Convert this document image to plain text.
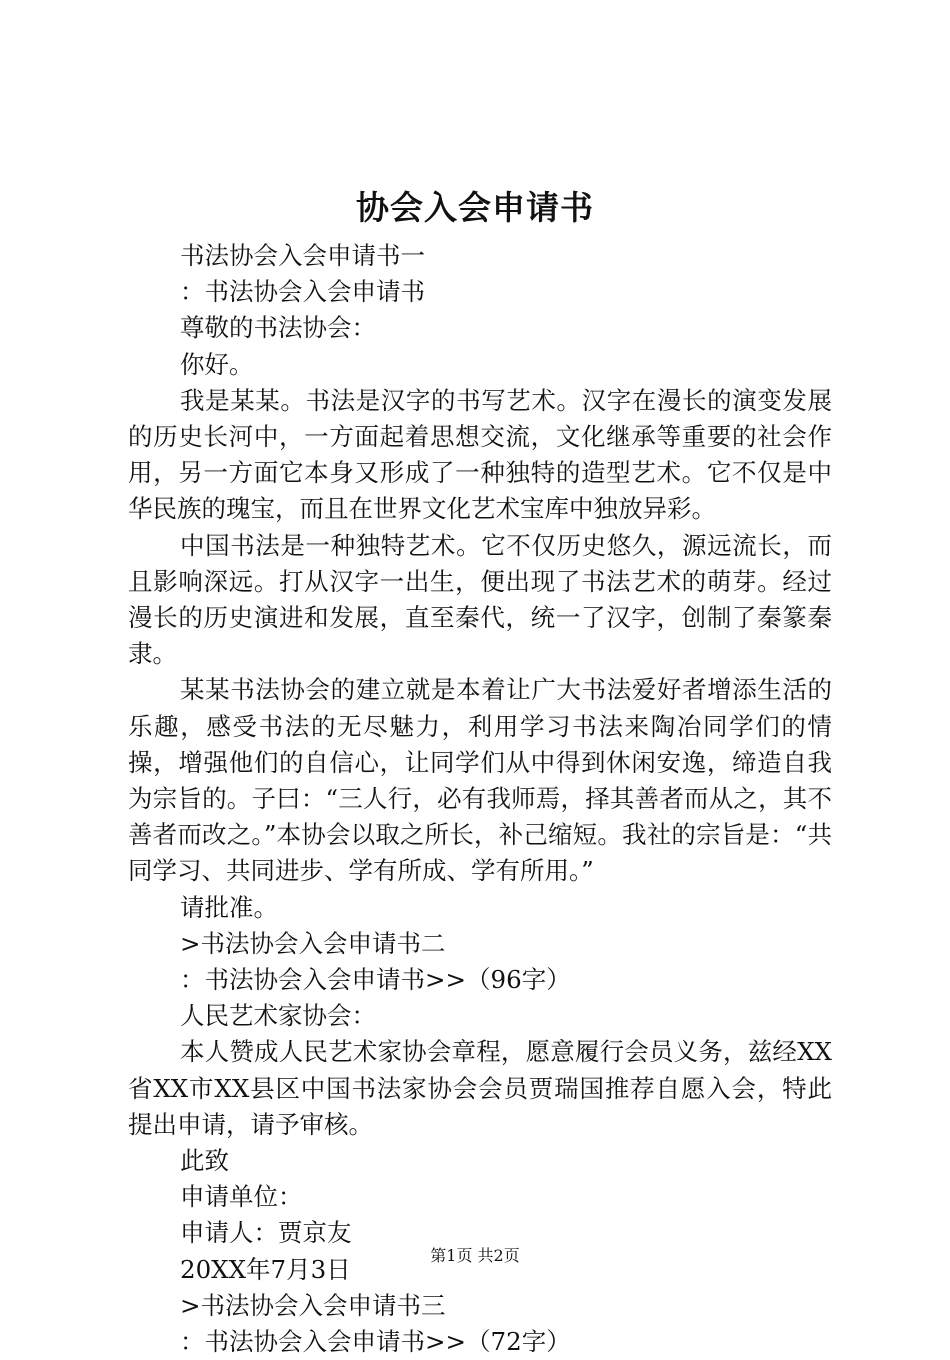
协会入会申请书

书法协会入会申请书一

：书法协会入会申请书

尊敬的书法协会：

你好。

我是某某。书法是汉字的书写艺术。汉字在漫长的演变发展的历史长河中，一方面起着思想交流，文化继承等重要的社会作用，另一方面它本身又形成了一种独特的造型艺术。它不仅是中华民族的瑰宝，而且在世界文化艺术宝库中独放异彩。

中国书法是一种独特艺术。它不仅历史悠久，源远流长，而且影响深远。打从汉字一出生，便出现了书法艺术的萌芽。经过漫长的历史演进和发展，直至秦代，统一了汉字，创制了秦篆秦隶。

某某书法协会的建立就是本着让广大书法爱好者增添生活的乐趣，感受书法的无尽魅力，利用学习书法来陶冶同学们的情操，增强他们的自信心，让同学们从中得到休闲安逸，缔造自我为宗旨的。子曰：“三人行，必有我师焉，择其善者而从之，其不善者而改之。”本协会以取之所长，补己缩短。我社的宗旨是：“共同学习、共同进步、学有所成、学有所用。”

请批准。

>书法协会入会申请书二

：书法协会入会申请书>>（96字）

人民艺术家协会：

本人赞成人民艺术家协会章程，愿意履行会员义务，兹经XX省XX市XX县区中国书法家协会会员贾瑞国推荐自愿入会，特此提出申请，请予审核。

此致

申请单位：

申请人：贾京友

20XX年7月3日

>书法协会入会申请书三

：书法协会入会申请书>>（72字）

第1页 共2页
